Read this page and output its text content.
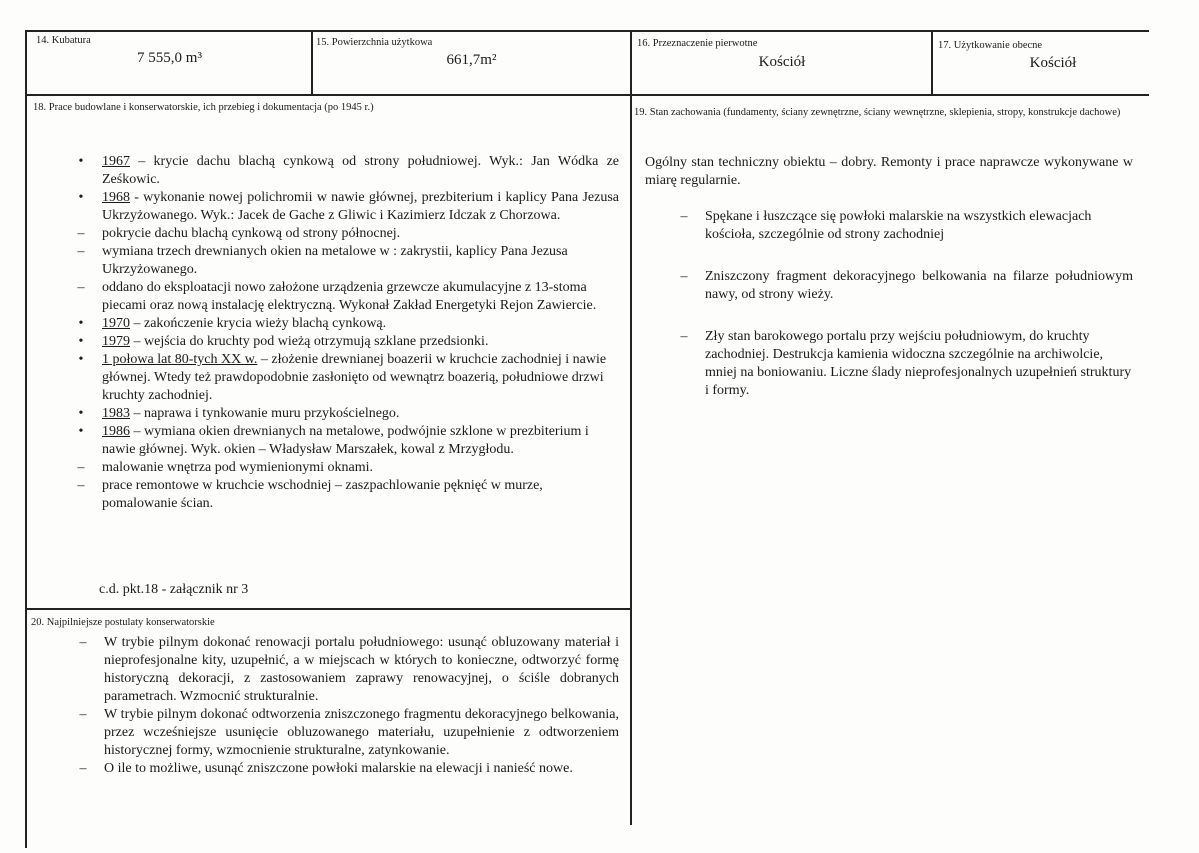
14. Kubatura
7 555,0 m³
15. Powierzchnia użytkowa
661,7m²
16. Przeznaczenie pierwotne
Kościół
17. Użytkowanie obecne
Kościół
18. Prace budowlane i konserwatorskie, ich przebieg i dokumentacja (po 1945 r.)
•	1967 – krycie dachu blachą cynkową od strony południowej. Wyk.: Jan Wódka ze Ześkowic.
•	1968 - wykonanie nowej polichromii w nawie głównej, prezbiterium i kaplicy Pana Jezusa Ukrzyżowanego. Wyk.: Jacek de Gache z Gliwic i Kazimierz Idczak z Chorzowa.
– pokrycie dachu blachą cynkową od strony północnej.
– wymiana trzech drewnianych okien na metalowe w : zakrystii, kaplicy Pana Jezusa Ukrzyżowanego.
– oddano do eksploatacji nowo założone urządzenia grzewcze akumulacyjne z 13-stoma piecami oraz nową instalację elektryczną. Wykonał Zakład Energetyki Rejon Zawiercie.
•	1970 – zakończenie krycia wieży blachą cynkową.
•	1979 – wejścia do kruchty pod wieżą otrzymują szklane przedsionki.
•	1 połowa lat 80-tych XX w. – złożenie drewnianej boazerii w kruchcie zachodniej i nawie głównej. Wtedy też prawdopodobnie zasłonięto od wewnątrz boazerią, południowe drzwi kruchty zachodniej.
•	1983 – naprawa i tynkowanie muru przykościelnego.
•	1986 – wymiana okien drewnianych na metalowe, podwójnie szklone w prezbiterium i nawie głównej. Wyk. okien – Władysław Marszałek, kowal z Mrzygłodu.
– malowanie wnętrza pod wymienionymi oknami.
– prace remontowe w kruchcie wschodniej – zaszpachlowanie pęknięć w murze, pomalowanie ścian.

c.d. pkt.18 - załącznik nr 3

19. Stan zachowania (fundamenty, ściany zewnętrzne, ściany wewnętrzne, sklepienia, stropy, konstrukcje dachowe)

Ogólny stan techniczny obiektu – dobry. Remonty i prace naprawcze wykonywane w miarę regularnie.

– Spękane i łuszczące się powłoki malarskie na wszystkich elewacjach kościoła, szczególnie od strony zachodniej
– Zniszczony fragment dekoracyjnego belkowania na filarze południowym nawy, od strony wieży.
– Zły stan barokowego portalu przy wejściu południowym, do kruchty zachodniej. Destrukcja kamienia widoczna szczególnie na archiwolcie, mniej na boniowaniu. Liczne ślady nieprofesjonalnych uzupełnień struktury i formy.
20. Najpilniejsze postulaty konserwatorskie
– W trybie pilnym dokonać renowacji portalu południowego: usunąć obluzowany materiał i nieprofesjonalne kity, uzupełnić, a w miejscach w których to konieczne, odtworzyć formę historyczną dekoracji, z zastosowaniem zaprawy renowacyjnej, o ściśle dobranych parametrach. Wzmocnić strukturalnie.
– W trybie pilnym dokonać odtworzenia zniszczonego fragmentu dekoracyjnego belkowania, przez wcześniejsze usunięcie obluzowanego materiału, uzupełnienie z odtworzeniem historycznej formy, wzmocnienie strukturalne, zatynkowanie.
– O ile to możliwe, usunąć zniszczone powłoki malarskie na elewacji i nanieść nowe.
